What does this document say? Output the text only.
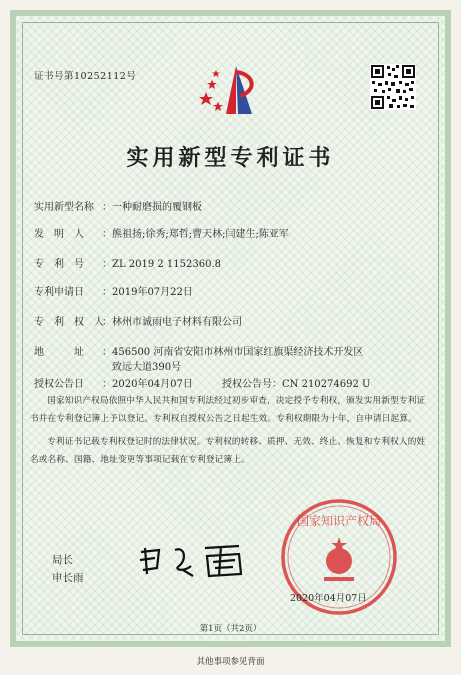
证书号第10252112号
实用新型专利证书
实用新型名称 ：一种耐磨损的覆钢板
发　明　人 ：熊祖扬;徐秀;郑哲;曹天林;闫建生;陈亚军
专　利　号 ：ZL 2019 2 1152360.8
专利申请日 ：2019年07月22日
专　利　权　人：林州市诚雨电子材料有限公司
地　　　址 ：456500 河南省安阳市林州市国家红旗渠经济技术开发区
致远大道390号
授权公告日 ：2020年04月07日	授权公告号：CN 210274692 U
国家知识产权局依照中华人民共和国专利法经过初步审查，决定授予专利权，颁发实用新型专利证书并在专利登记簿上予以登记。专利权自授权公告之日起生效。专利权期限为十年，自申请日起算。
专利证书记载专利权登记时的法律状况。专利权的转移、质押、无效、终止、恢复和专利权人的姓名或名称、国籍、地址变更等事项记载在专利登记簿上。
国家知识产权局
局长
申长雨
2020年04月07日
第1页（共2页）
其他事项参见背面
